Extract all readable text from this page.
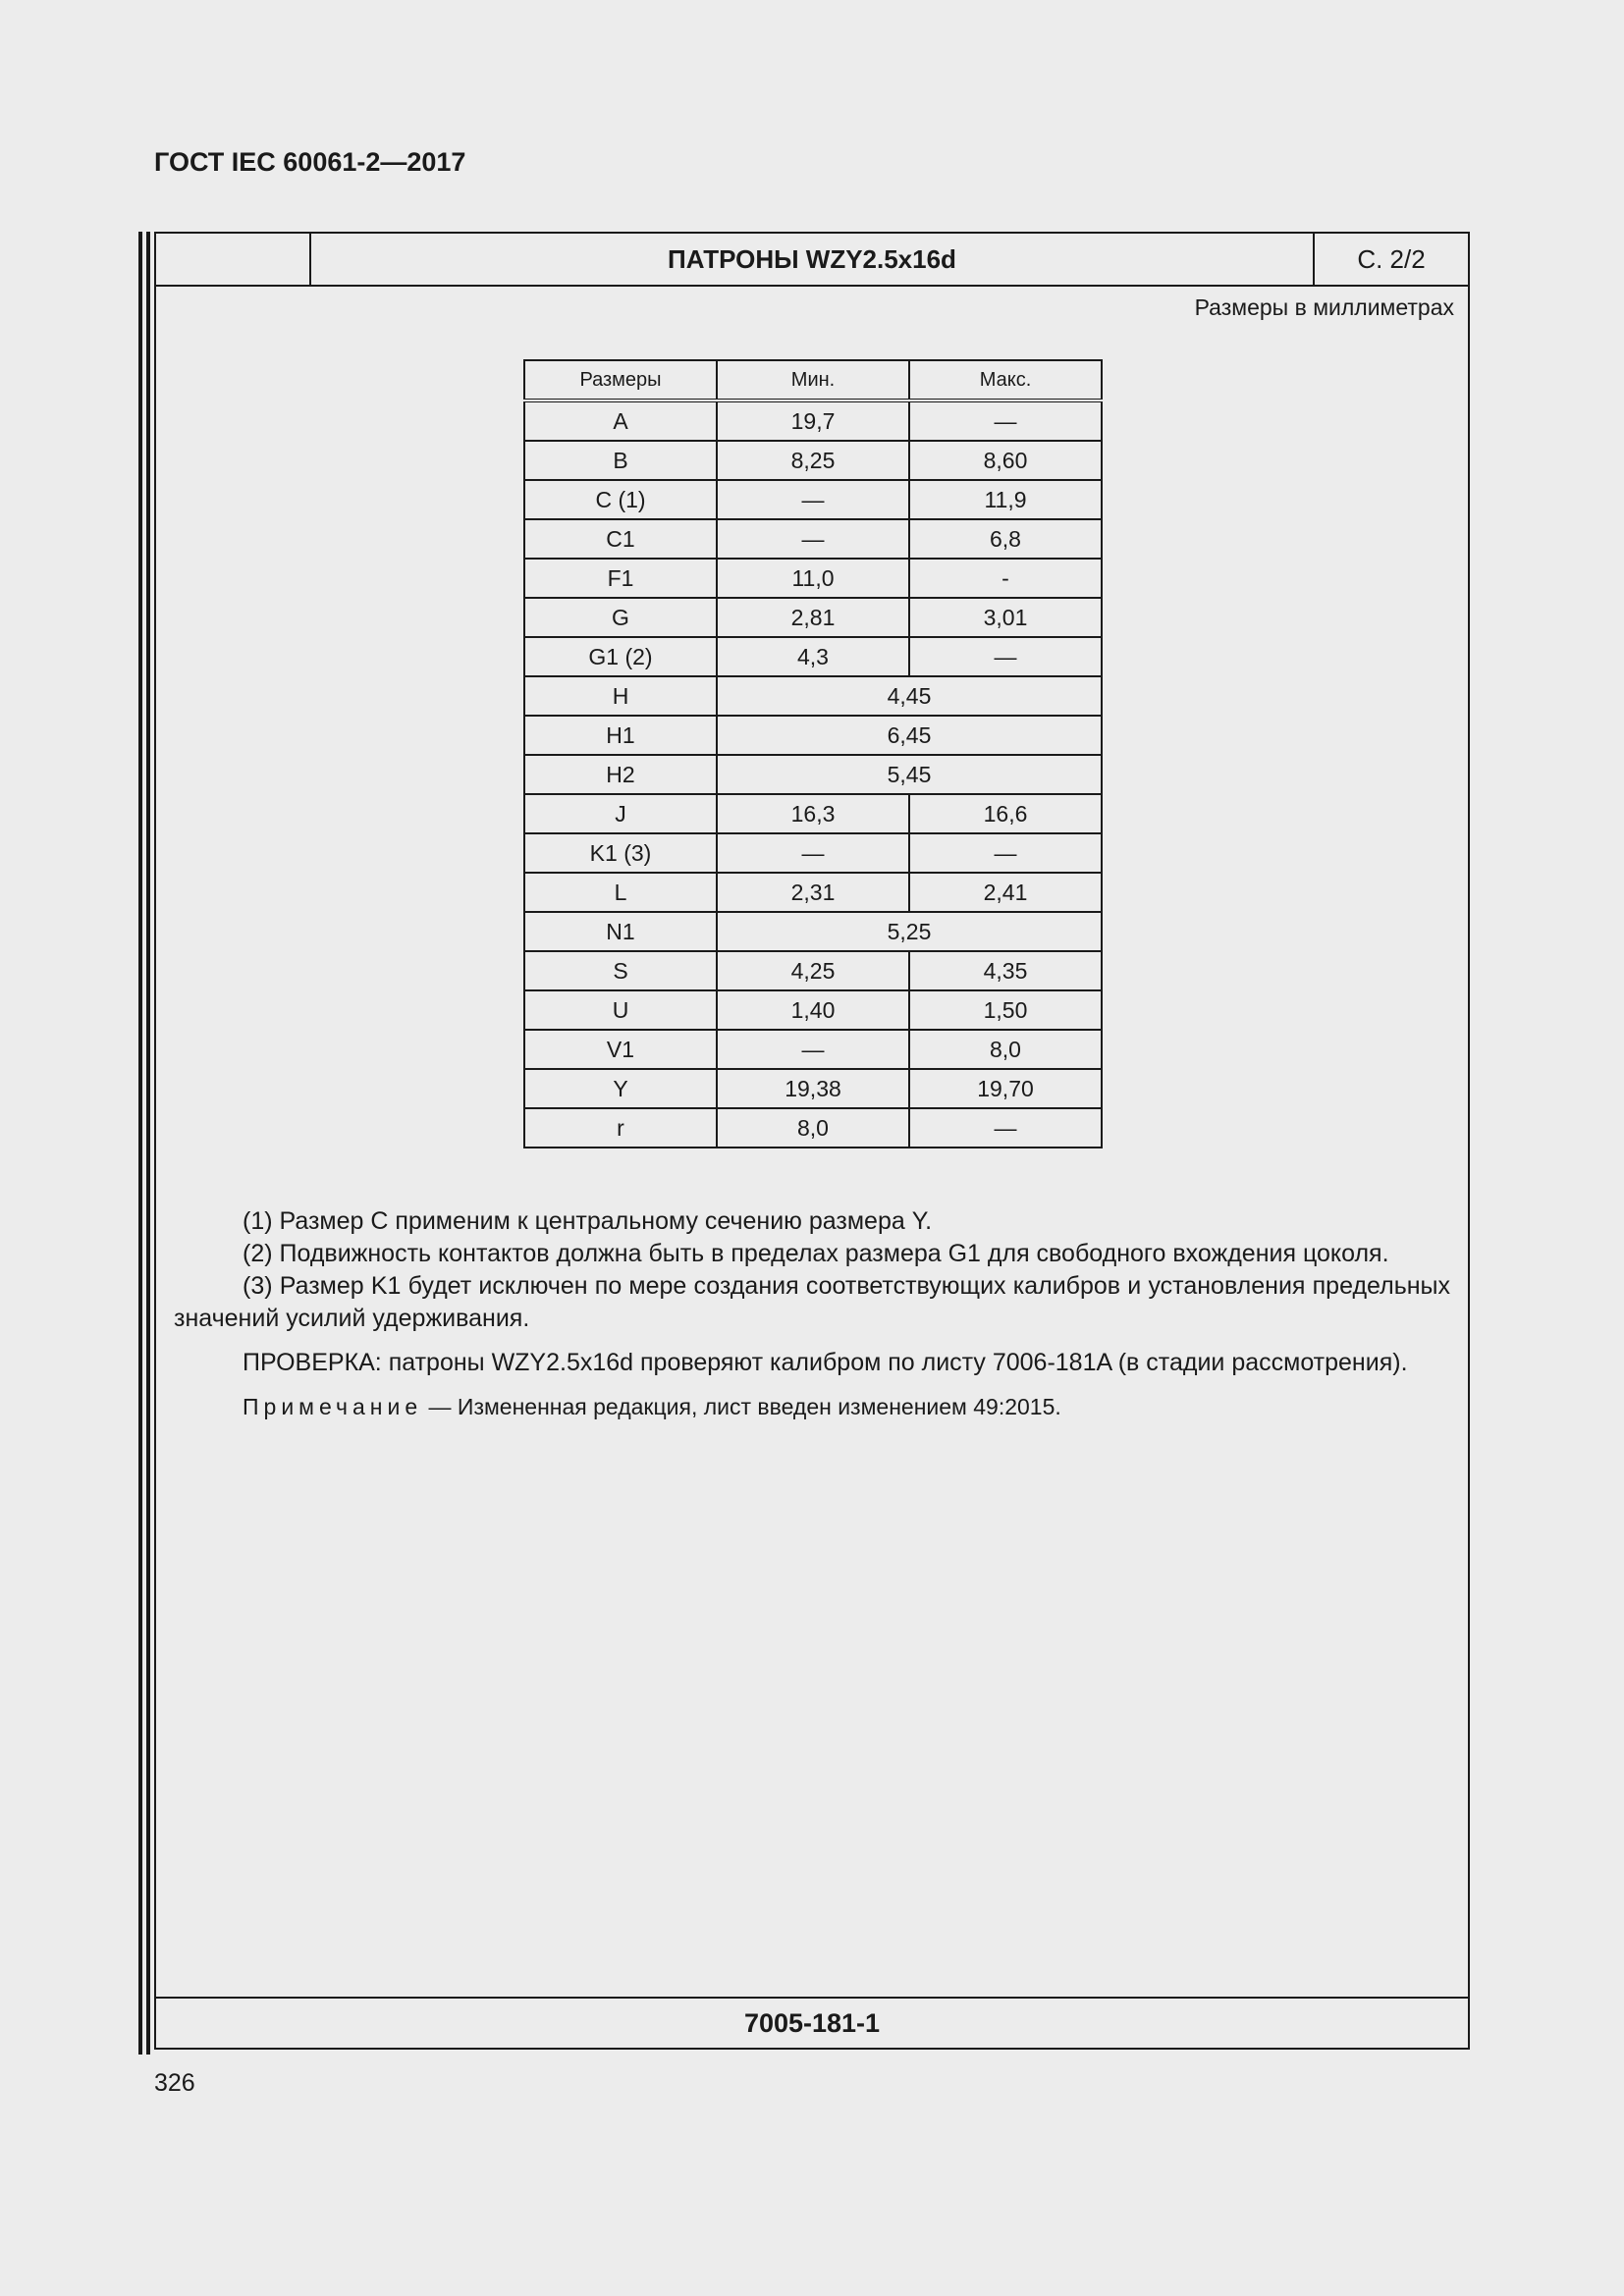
ГОСТ IEC 60061-2—2017
ПАТРОНЫ WZY2.5x16d	С. 2/2
Размеры в миллиметрах
Размеры	Мин.	Макс.
A	19,7	—
B	8,25	8,60
C (1)	—	11,9
C1	—	6,8
F1	11,0	-
G	2,81	3,01
G1 (2)	4,3	—
H	4,45	
H1	6,45	
H2	5,45	
J	16,3	16,6
K1 (3)	—	—
L	2,31	2,41
N1	5,25	
S	4,25	4,35
U	1,40	1,50
V1	—	8,0
Y	19,38	19,70
r	8,0	—

(1) Размер С применим к центральному сечению размера Y.

(2) Подвижность контактов должна быть в пределах размера G1 для свободного вхождения цоколя.

(3) Размер K1 будет исключен по мере создания соответствующих калибров и установления предельных значений усилий удерживания.

ПРОВЕРКА: патроны WZY2.5x16d проверяют калибром по листу 7006-181A (в стадии рассмотрения).

Примечание — Измененная редакция, лист введен изменением 49:2015.

7005-181-1
326
